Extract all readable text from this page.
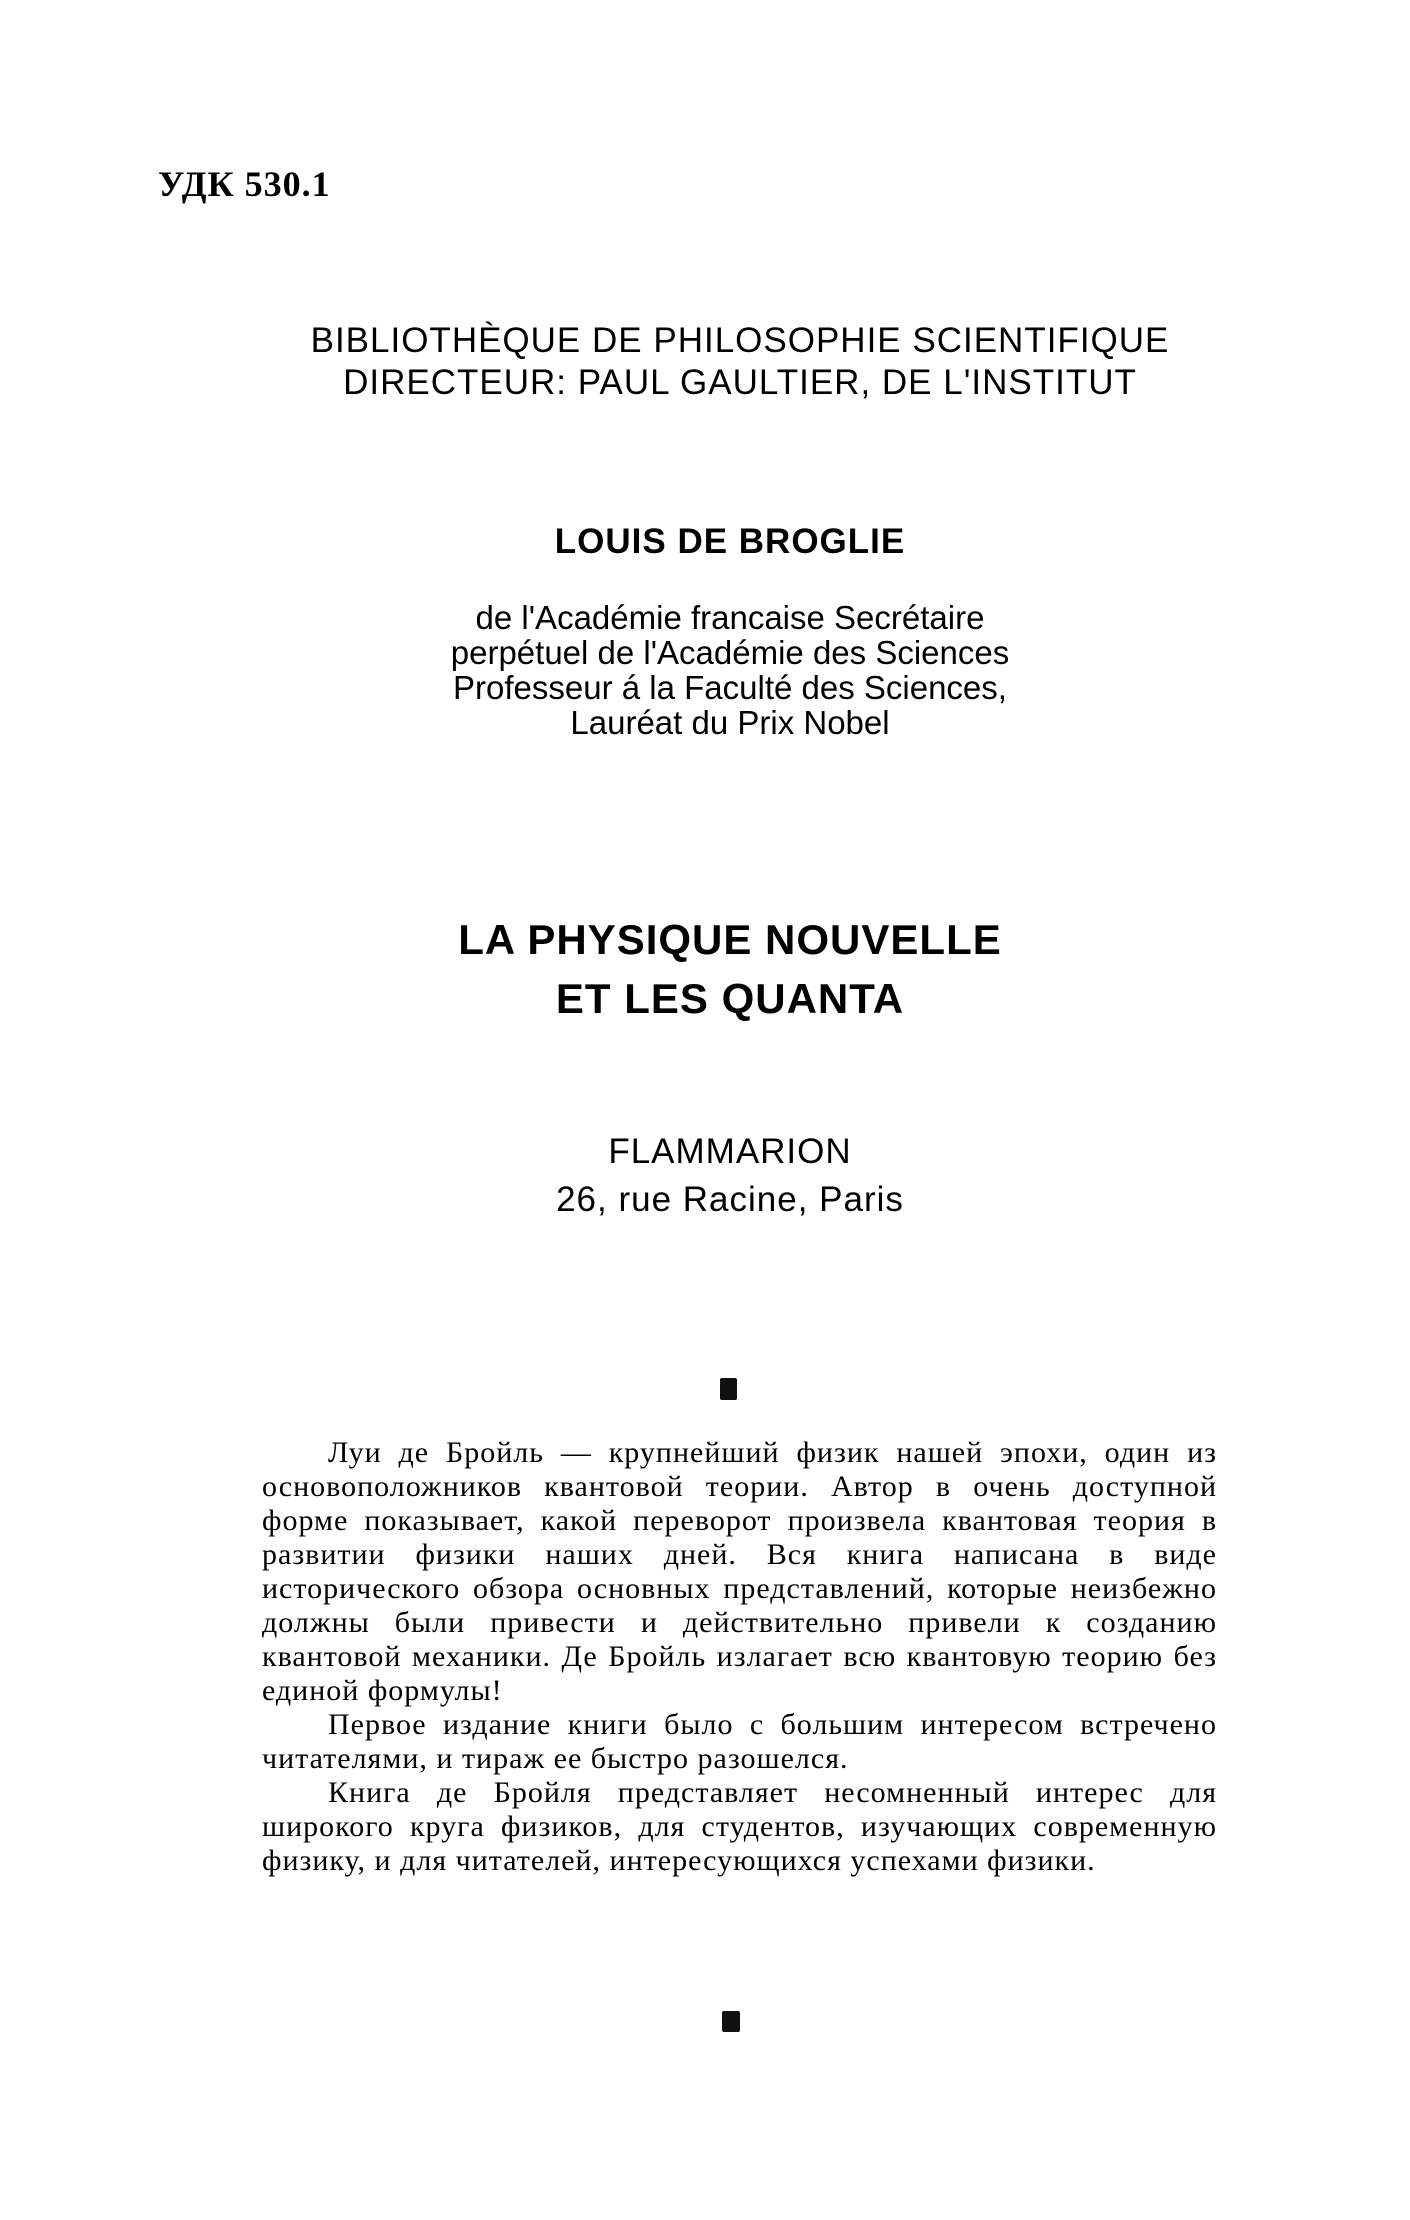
УДК 530.1
BIBLIOTHÈQUE DE PHILOSOPHIE SCIENTIFIQUE
DIRECTEUR: PAUL GAULTIER, DE L'INSTITUT
LOUIS DE BROGLIE
de l'Académie francaise Secrétaire
perpétuel de l'Académie des Sciences
Professeur á la Faculté des Sciences,
Lauréat du Prix Nobel
LA PHYSIQUE NOUVELLE
ET LES QUANTA
FLAMMARION
26, rue Racine, Paris

Луи де Бройль — крупнейший физик нашей эпохи, один из основоположников квантовой теории. Автор в очень доступной форме показывает, какой переворот произвела квантовая теория в развитии физики наших дней. Вся книга написана в виде исторического обзора основных представлений, которые неизбежно должны были привести и действительно привели к созданию квантовой механики. Де Бройль излагает всю квантовую теорию без единой формулы!

Первое издание книги было с большим интересом встречено читателями, и тираж ее быстро разошелся.

Книга де Бройля представляет несомненный интерес для широкого круга физиков, для студентов, изучающих современную физику, и для читателей, интересующихся успехами физики.
